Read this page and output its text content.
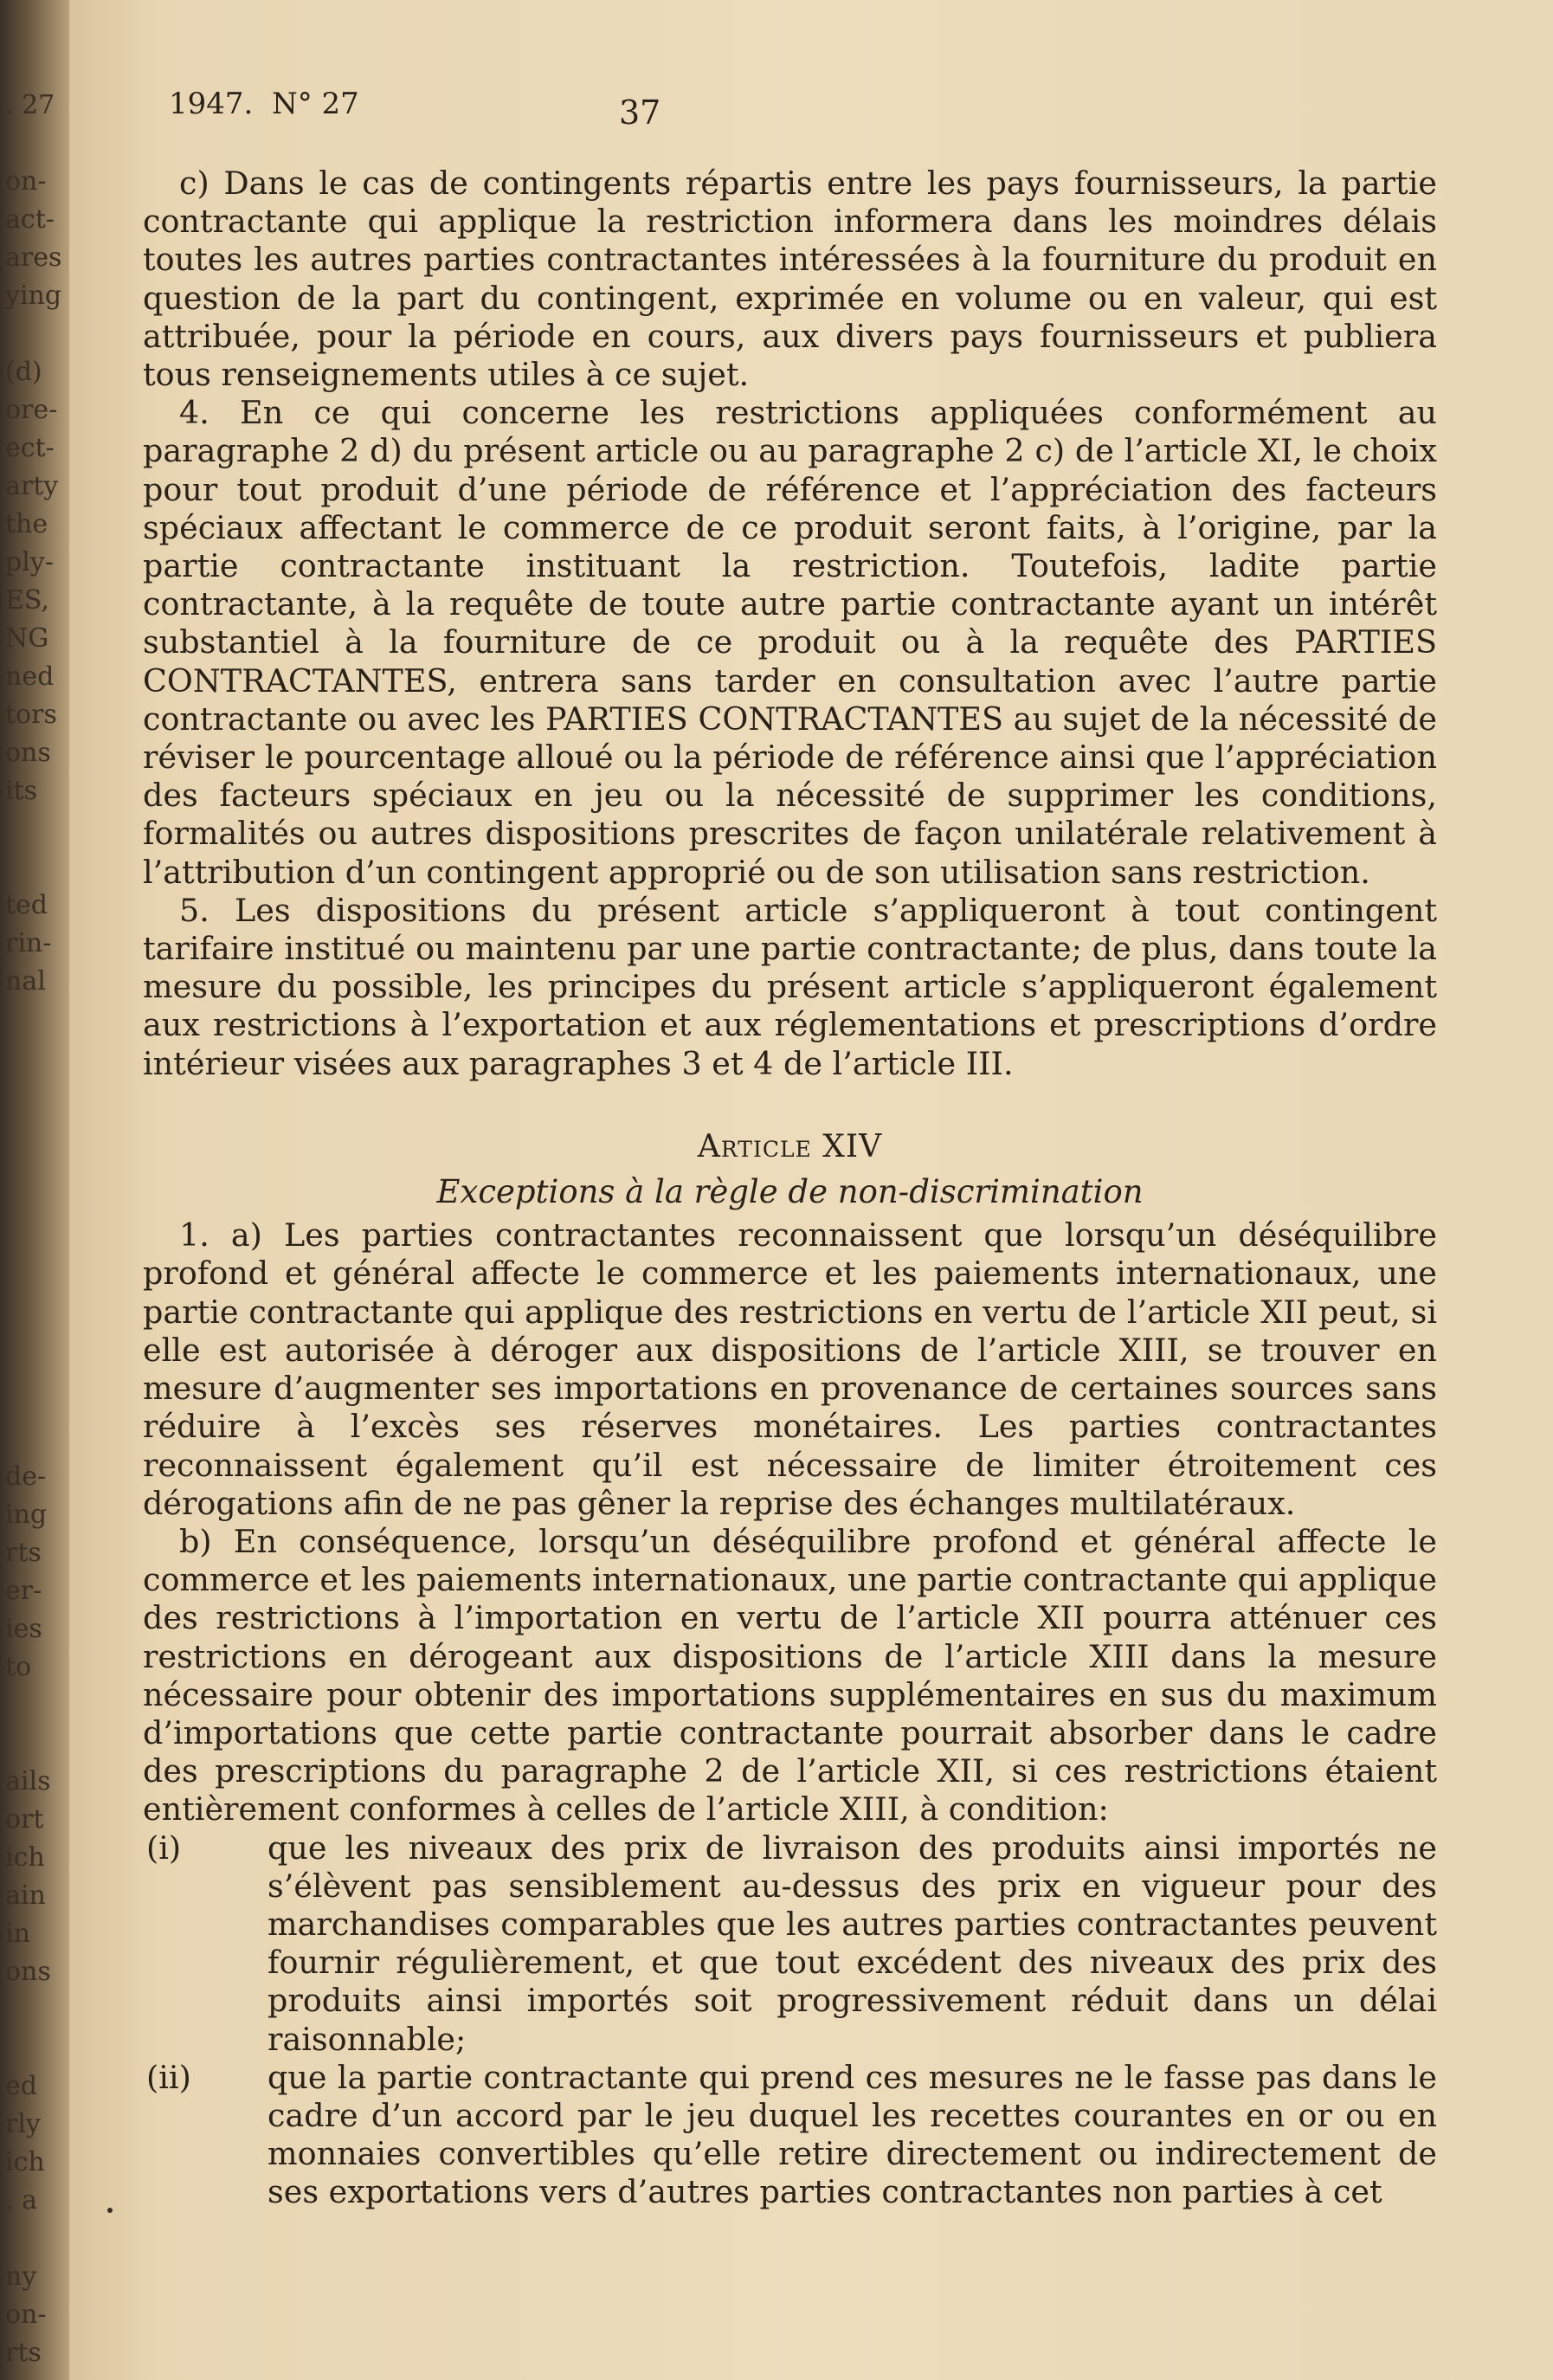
. 27
on-
act-
ares
ying
(d)
ore-
ect-
arty
the
ply-
ES,
NG
ned
tors
ons
its
ted
rin-
nal
de-
ing
rts
er-
ies
to
ails
ort
ich
ain
in
ons
ed
rly
ich
. a
ny
on-
rts
1947. N° 27	37

c) Dans le cas de contingents répartis entre les pays fournisseurs, la partie contractante qui applique la restriction informera dans les moindres délais toutes les autres parties contractantes intéressées à la fourniture du produit en question de la part du contingent, exprimée en volume ou en valeur, qui est attribuée, pour la période en cours, aux divers pays fournisseurs et publiera tous renseignements utiles à ce sujet.

4. En ce qui concerne les restrictions appliquées conformément au paragraphe 2 d) du présent article ou au paragraphe 2 c) de l’article XI, le choix pour tout produit d’une période de référence et l’appréciation des facteurs spéciaux affectant le commerce de ce produit seront faits, à l’origine, par la partie contractante instituant la restriction. Toutefois, ladite partie contractante, à la requête de toute autre partie contractante ayant un intérêt substantiel à la fourniture de ce produit ou à la requête des PARTIES CONTRACTANTES, entrera sans tarder en consultation avec l’autre partie contractante ou avec les PARTIES CONTRACTANTES au sujet de la nécessité de réviser le pourcentage alloué ou la période de référence ainsi que l’appréciation des facteurs spéciaux en jeu ou la nécessité de supprimer les conditions, formalités ou autres dispositions prescrites de façon unilatérale relativement à l’attribution d’un contingent approprié ou de son utilisation sans restriction.

5. Les dispositions du présent article s’appliqueront à tout contingent tarifaire institué ou maintenu par une partie contractante; de plus, dans toute la mesure du possible, les principes du présent article s’appliqueront également aux restrictions à l’exportation et aux réglementations et prescriptions d’ordre intérieur visées aux paragraphes 3 et 4 de l’article III.

Article XIV

Exceptions à la règle de non-discrimination

1. a) Les parties contractantes reconnaissent que lorsqu’un déséquilibre profond et général affecte le commerce et les paiements internationaux, une partie contractante qui applique des restrictions en vertu de l’article XII peut, si elle est autorisée à déroger aux dispositions de l’article XIII, se trouver en mesure d’augmenter ses importations en provenance de certaines sources sans réduire à l’excès ses réserves monétaires. Les parties contractantes reconnaissent également qu’il est nécessaire de limiter étroitement ces dérogations afin de ne pas gêner la reprise des échanges multilatéraux.

b) En conséquence, lorsqu’un déséquilibre profond et général affecte le commerce et les paiements internationaux, une partie contractante qui applique des restrictions à l’importation en vertu de l’article XII pourra atténuer ces restrictions en dérogeant aux dispositions de l’article XIII dans la mesure nécessaire pour obtenir des importations supplémentaires en sus du maximum d’importations que cette partie contractante pourrait absorber dans le cadre des prescriptions du paragraphe 2 de l’article XII, si ces restrictions étaient entièrement conformes à celles de l’article XIII, à condition:

(i)	que les niveaux des prix de livraison des produits ainsi importés ne s’élèvent pas sensiblement au-dessus des prix en vigueur pour des marchandises comparables que les autres parties contractantes peuvent fournir régulièrement, et que tout excédent des niveaux des prix des produits ainsi importés soit progressivement réduit dans un délai raisonnable;

(ii) que la partie contractante qui prend ces mesures ne le fasse pas dans le cadre d’un accord par le jeu duquel les recettes courantes en or ou en monnaies convertibles qu’elle retire directement ou indirectement de ses exportations vers d’autres parties contractantes non parties à cet
